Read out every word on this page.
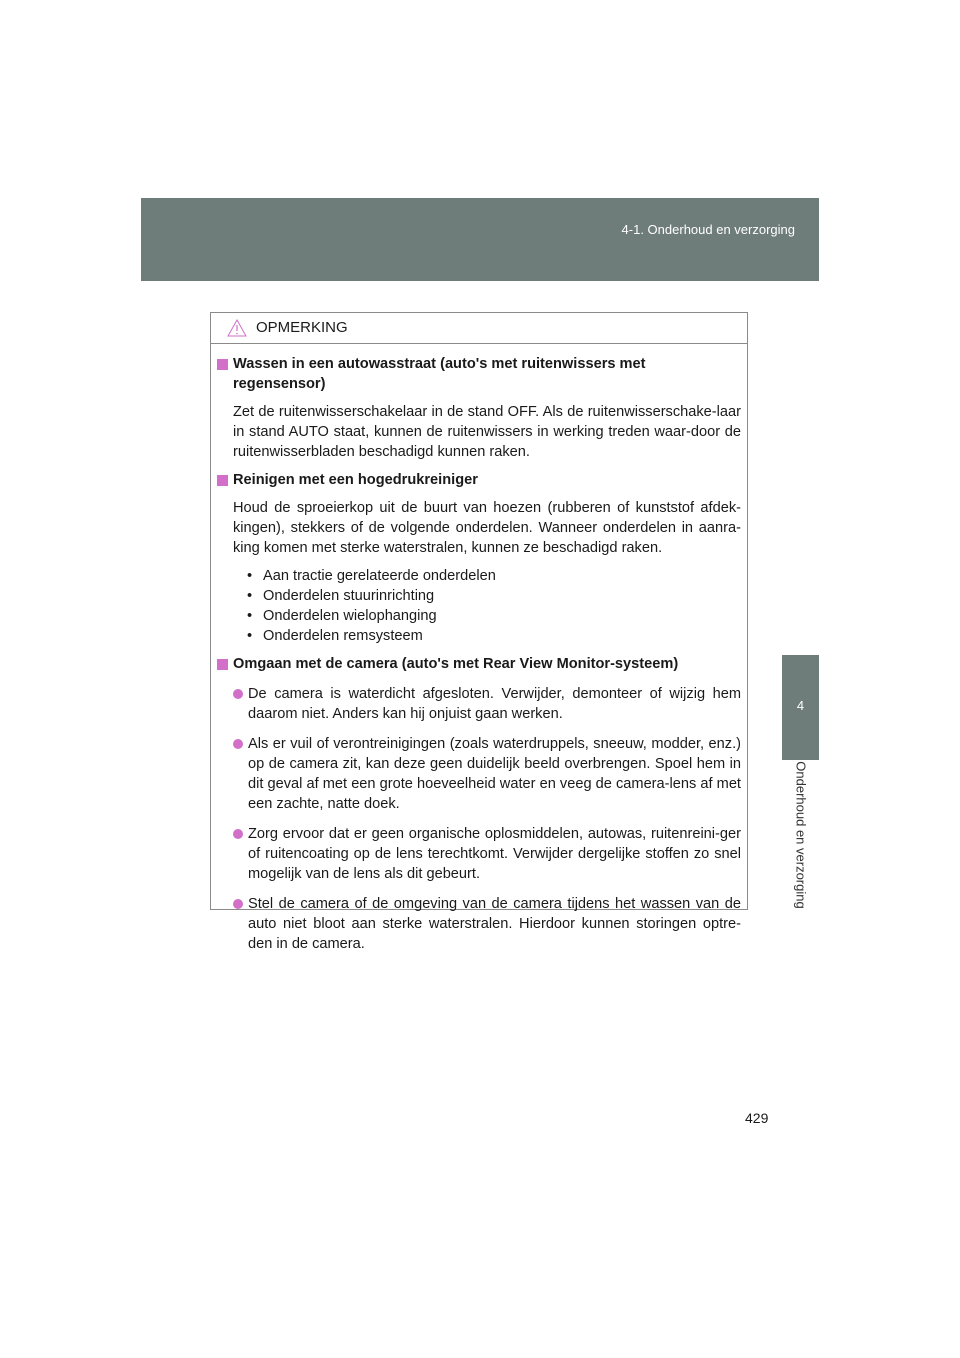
4-1. Onderhoud en verzorging
4
Onderhoud en verzorging
OPMERKING
Wassen in een autowasstraat (auto's met ruitenwissers met regensensor)
Zet de ruitenwisserschakelaar in de stand OFF. Als de ruitenwisserschake-laar in stand AUTO staat, kunnen de ruitenwissers in werking treden waar-door de ruitenwisserbladen beschadigd kunnen raken.
Reinigen met een hogedrukreiniger
Houd de sproeierkop uit de buurt van hoezen (rubberen of kunststof afdek-kingen), stekkers of de volgende onderdelen. Wanneer onderdelen in aanra-king komen met sterke waterstralen, kunnen ze beschadigd raken.
• Aan tractie gerelateerde onderdelen
• Onderdelen stuurinrichting
• Onderdelen wielophanging
• Onderdelen remsysteem
Omgaan met de camera (auto's met Rear View Monitor-systeem)
De camera is waterdicht afgesloten. Verwijder, demonteer of wijzig hem daarom niet. Anders kan hij onjuist gaan werken.
Als er vuil of verontreinigingen (zoals waterdruppels, sneeuw, modder, enz.) op de camera zit, kan deze geen duidelijk beeld overbrengen. Spoel hem in dit geval af met een grote hoeveelheid water en veeg de camera-lens af met een zachte, natte doek.
Zorg ervoor dat er geen organische oplosmiddelen, autowas, ruitenreini-ger of ruitencoating op de lens terechtkomt. Verwijder dergelijke stoffen zo snel mogelijk van de lens als dit gebeurt.
Stel de camera of de omgeving van de camera tijdens het wassen van de auto niet bloot aan sterke waterstralen. Hierdoor kunnen storingen optre-den in de camera.
429
